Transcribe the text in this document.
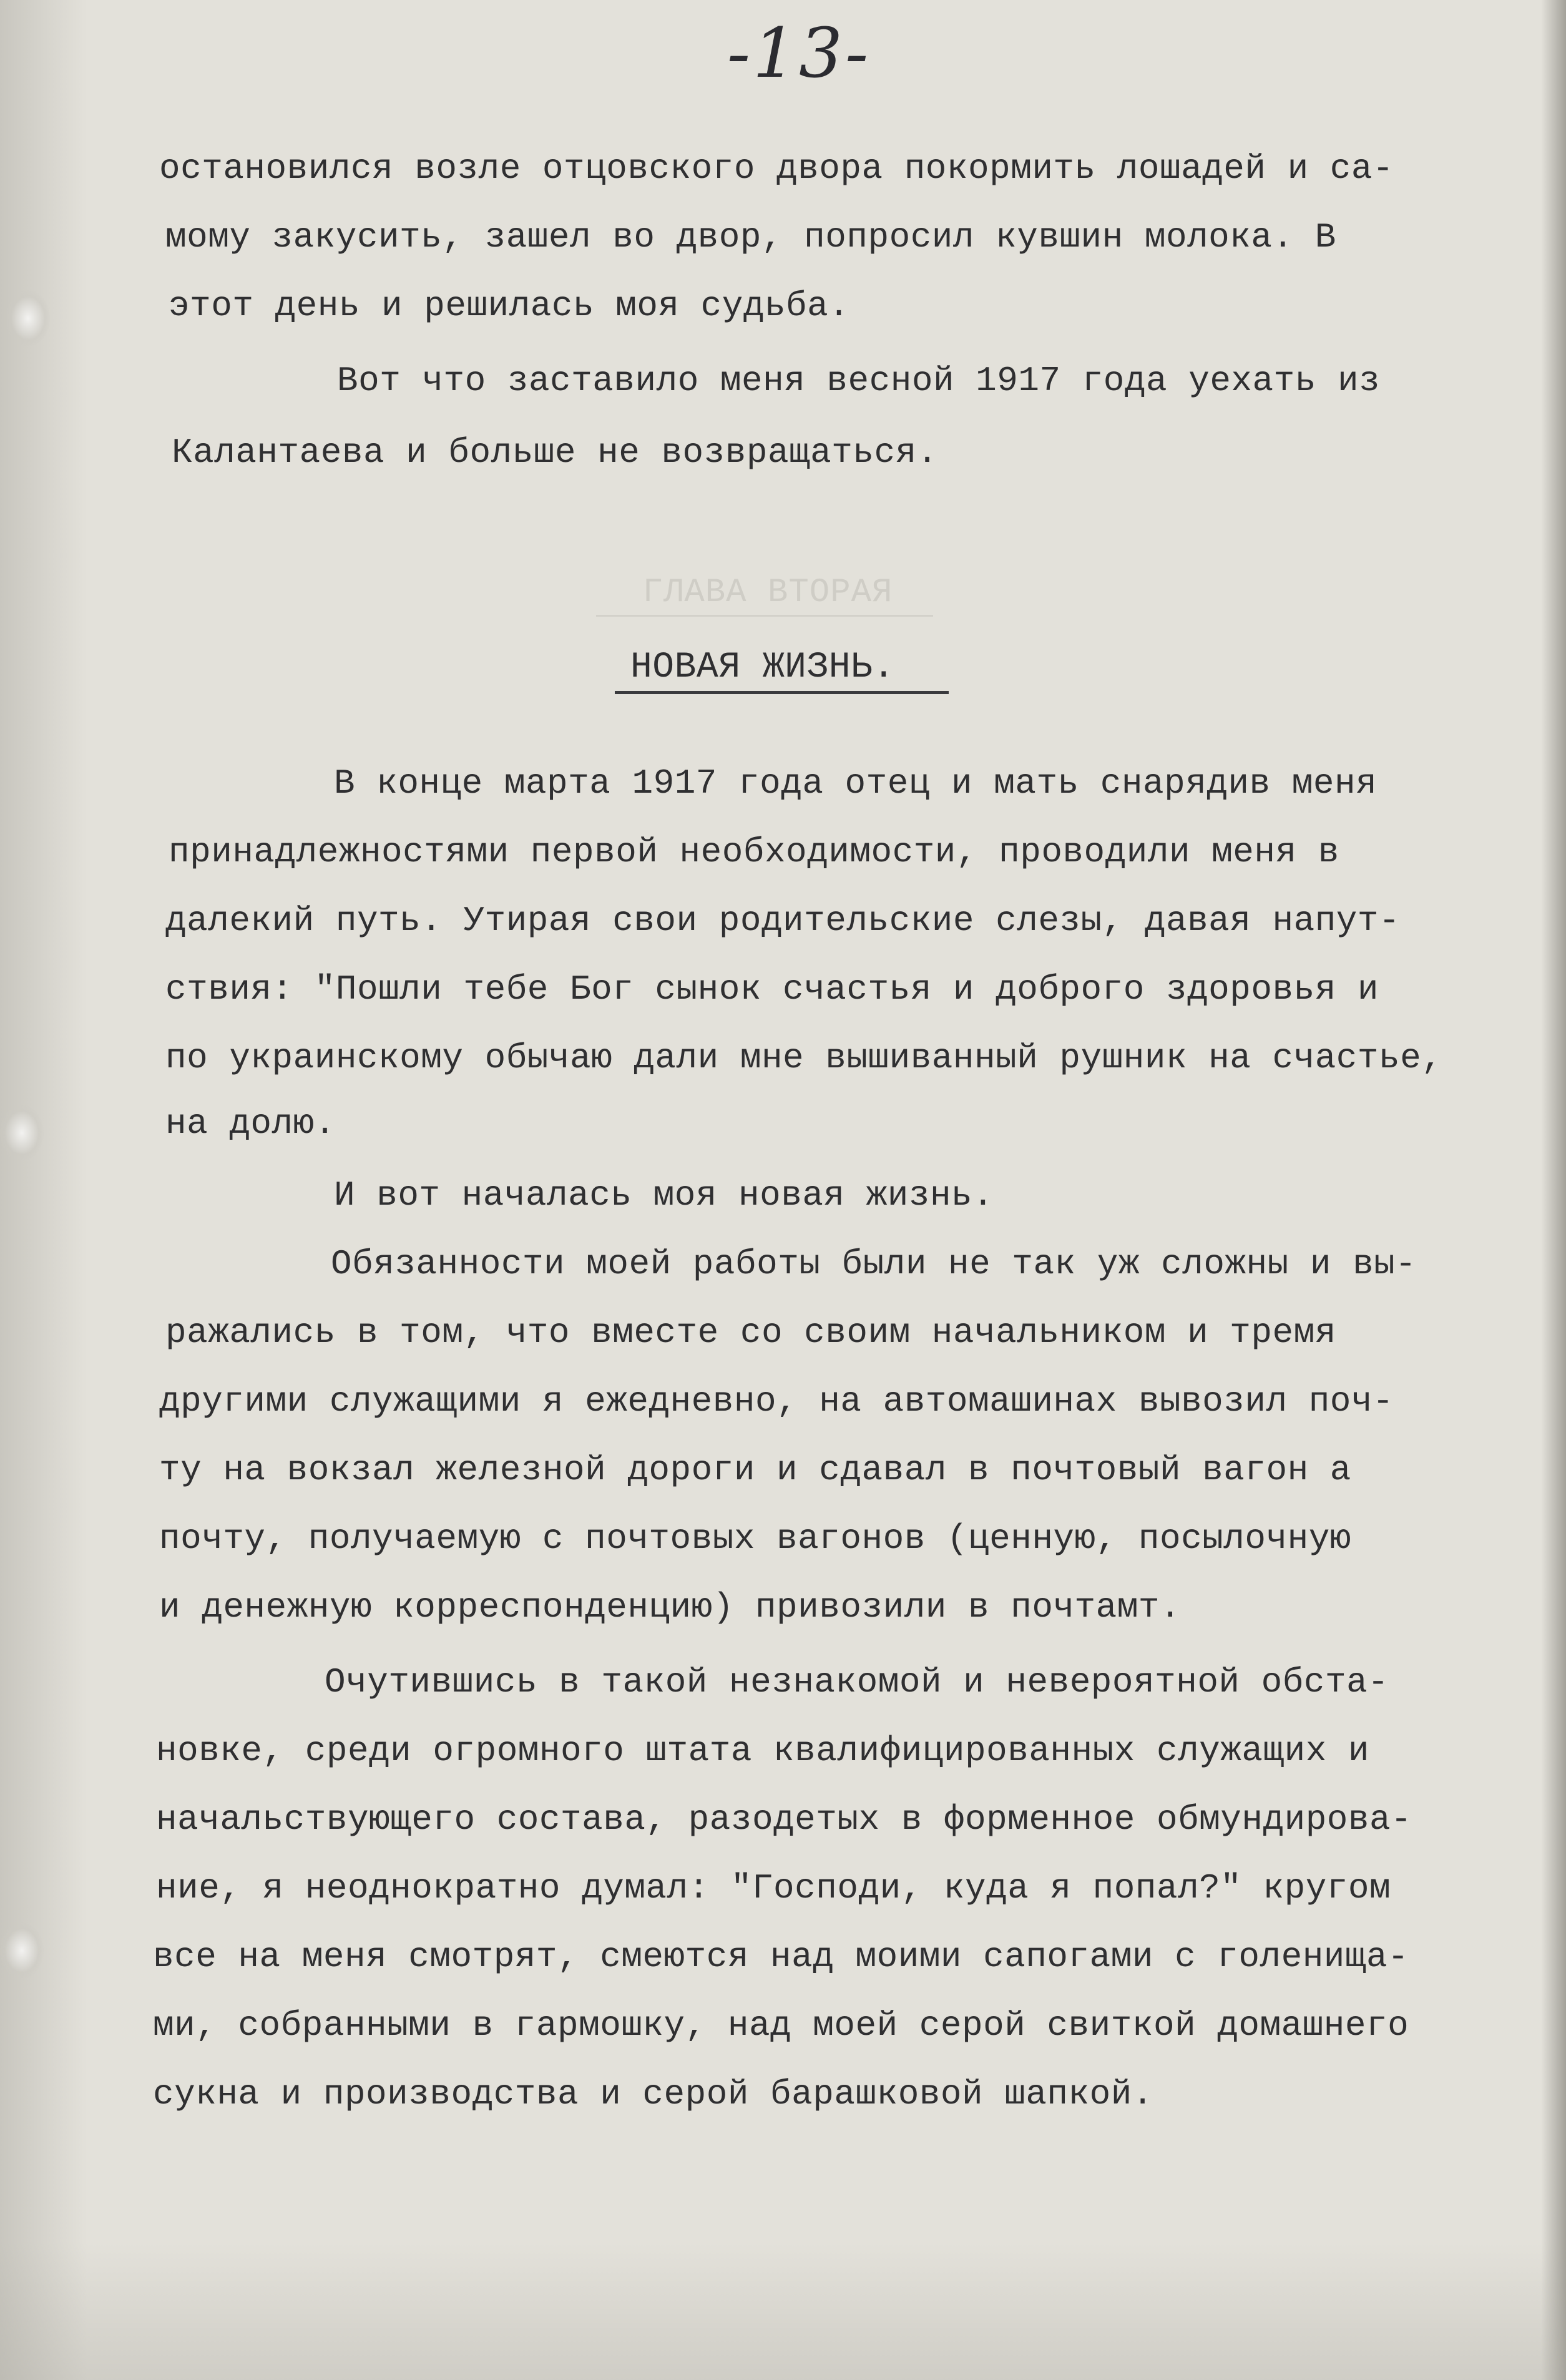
-13-
остановился возле отцовского двора покормить лошадей и са-
мому закусить, зашел во двор, попросил кувшин молока. В
этот день и решилась моя судьба.
Вот что заставило меня весной 1917 года уехать из
Калантаева и больше не возвращаться.
ГЛАВА ВТОРАЯ
НОВАЯ ЖИЗНЬ.
В конце марта 1917 года отец и мать снарядив меня
принадлежностями первой необходимости, проводили меня в
далекий путь. Утирая свои родительские слезы, давая напут-
ствия: "Пошли тебе Бог сынок счастья и доброго здоровья и
по украинскому обычаю дали мне вышиванный рушник на счастье,
на долю.
И вот началась моя новая жизнь.
Обязанности моей работы были не так уж сложны и вы-
ражались в том, что вместе со своим начальником и тремя
другими служащими я ежедневно, на автомашинах вывозил поч-
ту на вокзал железной дороги и сдавал в почтовый вагон а
почту, получаемую с почтовых вагонов (ценную, посылочную
и денежную корреспонденцию) привозили в почтамт.
Очутившись в такой незнакомой и невероятной обста-
новке, среди огромного штата квалифицированных служащих и
начальствующего состава, разодетых в форменное обмундирова-
ние, я неоднократно думал: "Господи, куда я попал?" кругом
все на меня смотрят, смеются над моими сапогами с голенища-
ми, собранными в гармошку, над моей серой свиткой домашнего
сукна и производства и серой барашковой шапкой.
